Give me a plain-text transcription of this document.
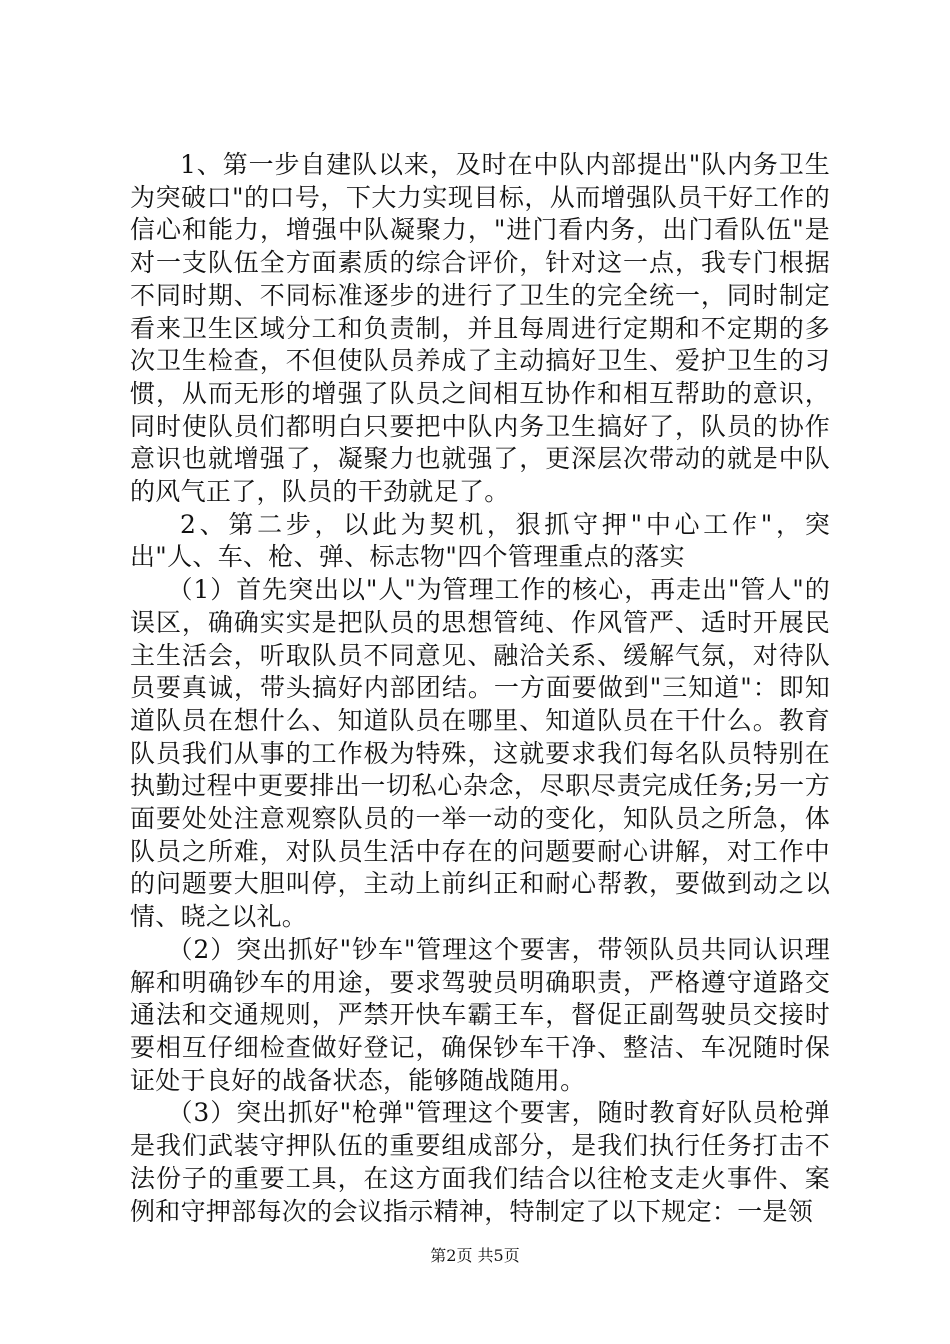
1、第一步自建队以来，及时在中队内部提出"队内务卫生为突破口"的口号，下大力实现目标，从而增强队员干好工作的信心和能力，增强中队凝聚力，"进门看内务，出门看队伍"是对一支队伍全方面素质的综合评价，针对这一点，我专门根据不同时期、不同标准逐步的进行了卫生的完全统一，同时制定看来卫生区域分工和负责制，并且每周进行定期和不定期的多次卫生检查，不但使队员养成了主动搞好卫生、爱护卫生的习惯，从而无形的增强了队员之间相互协作和相互帮助的意识，同时使队员们都明白只要把中队内务卫生搞好了，队员的协作意识也就增强了，凝聚力也就强了，更深层次带动的就是中队的风气正了，队员的干劲就足了。

2、第二步，以此为契机，狠抓守押"中心工作"，突出"人、车、枪、弹、标志物"四个管理重点的落实

（1）首先突出以"人"为管理工作的核心，再走出"管人"的误区，确确实实是把队员的思想管纯、作风管严、适时开展民主生活会，听取队员不同意见、融洽关系、缓解气氛，对待队员要真诚，带头搞好内部团结。一方面要做到"三知道"：即知道队员在想什么、知道队员在哪里、知道队员在干什么。教育队员我们从事的工作极为特殊，这就要求我们每名队员特别在执勤过程中更要排出一切私心杂念，尽职尽责完成任务;另一方面要处处注意观察队员的一举一动的变化，知队员之所急，体队员之所难，对队员生活中存在的问题要耐心讲解，对工作中的问题要大胆叫停，主动上前纠正和耐心帮教，要做到动之以情、晓之以礼。

（2）突出抓好"钞车"管理这个要害，带领队员共同认识理解和明确钞车的用途，要求驾驶员明确职责，严格遵守道路交通法和交通规则，严禁开快车霸王车，督促正副驾驶员交接时要相互仔细检查做好登记，确保钞车干净、整洁、车况随时保证处于良好的战备状态，能够随战随用。

（3）突出抓好"枪弹"管理这个要害，随时教育好队员枪弹是我们武装守押队伍的重要组成部分，是我们执行任务打击不法份子的重要工具，在这方面我们结合以往枪支走火事件、案例和守押部每次的会议指示精神，特制定了以下规定：一是领

第2页 共5页
